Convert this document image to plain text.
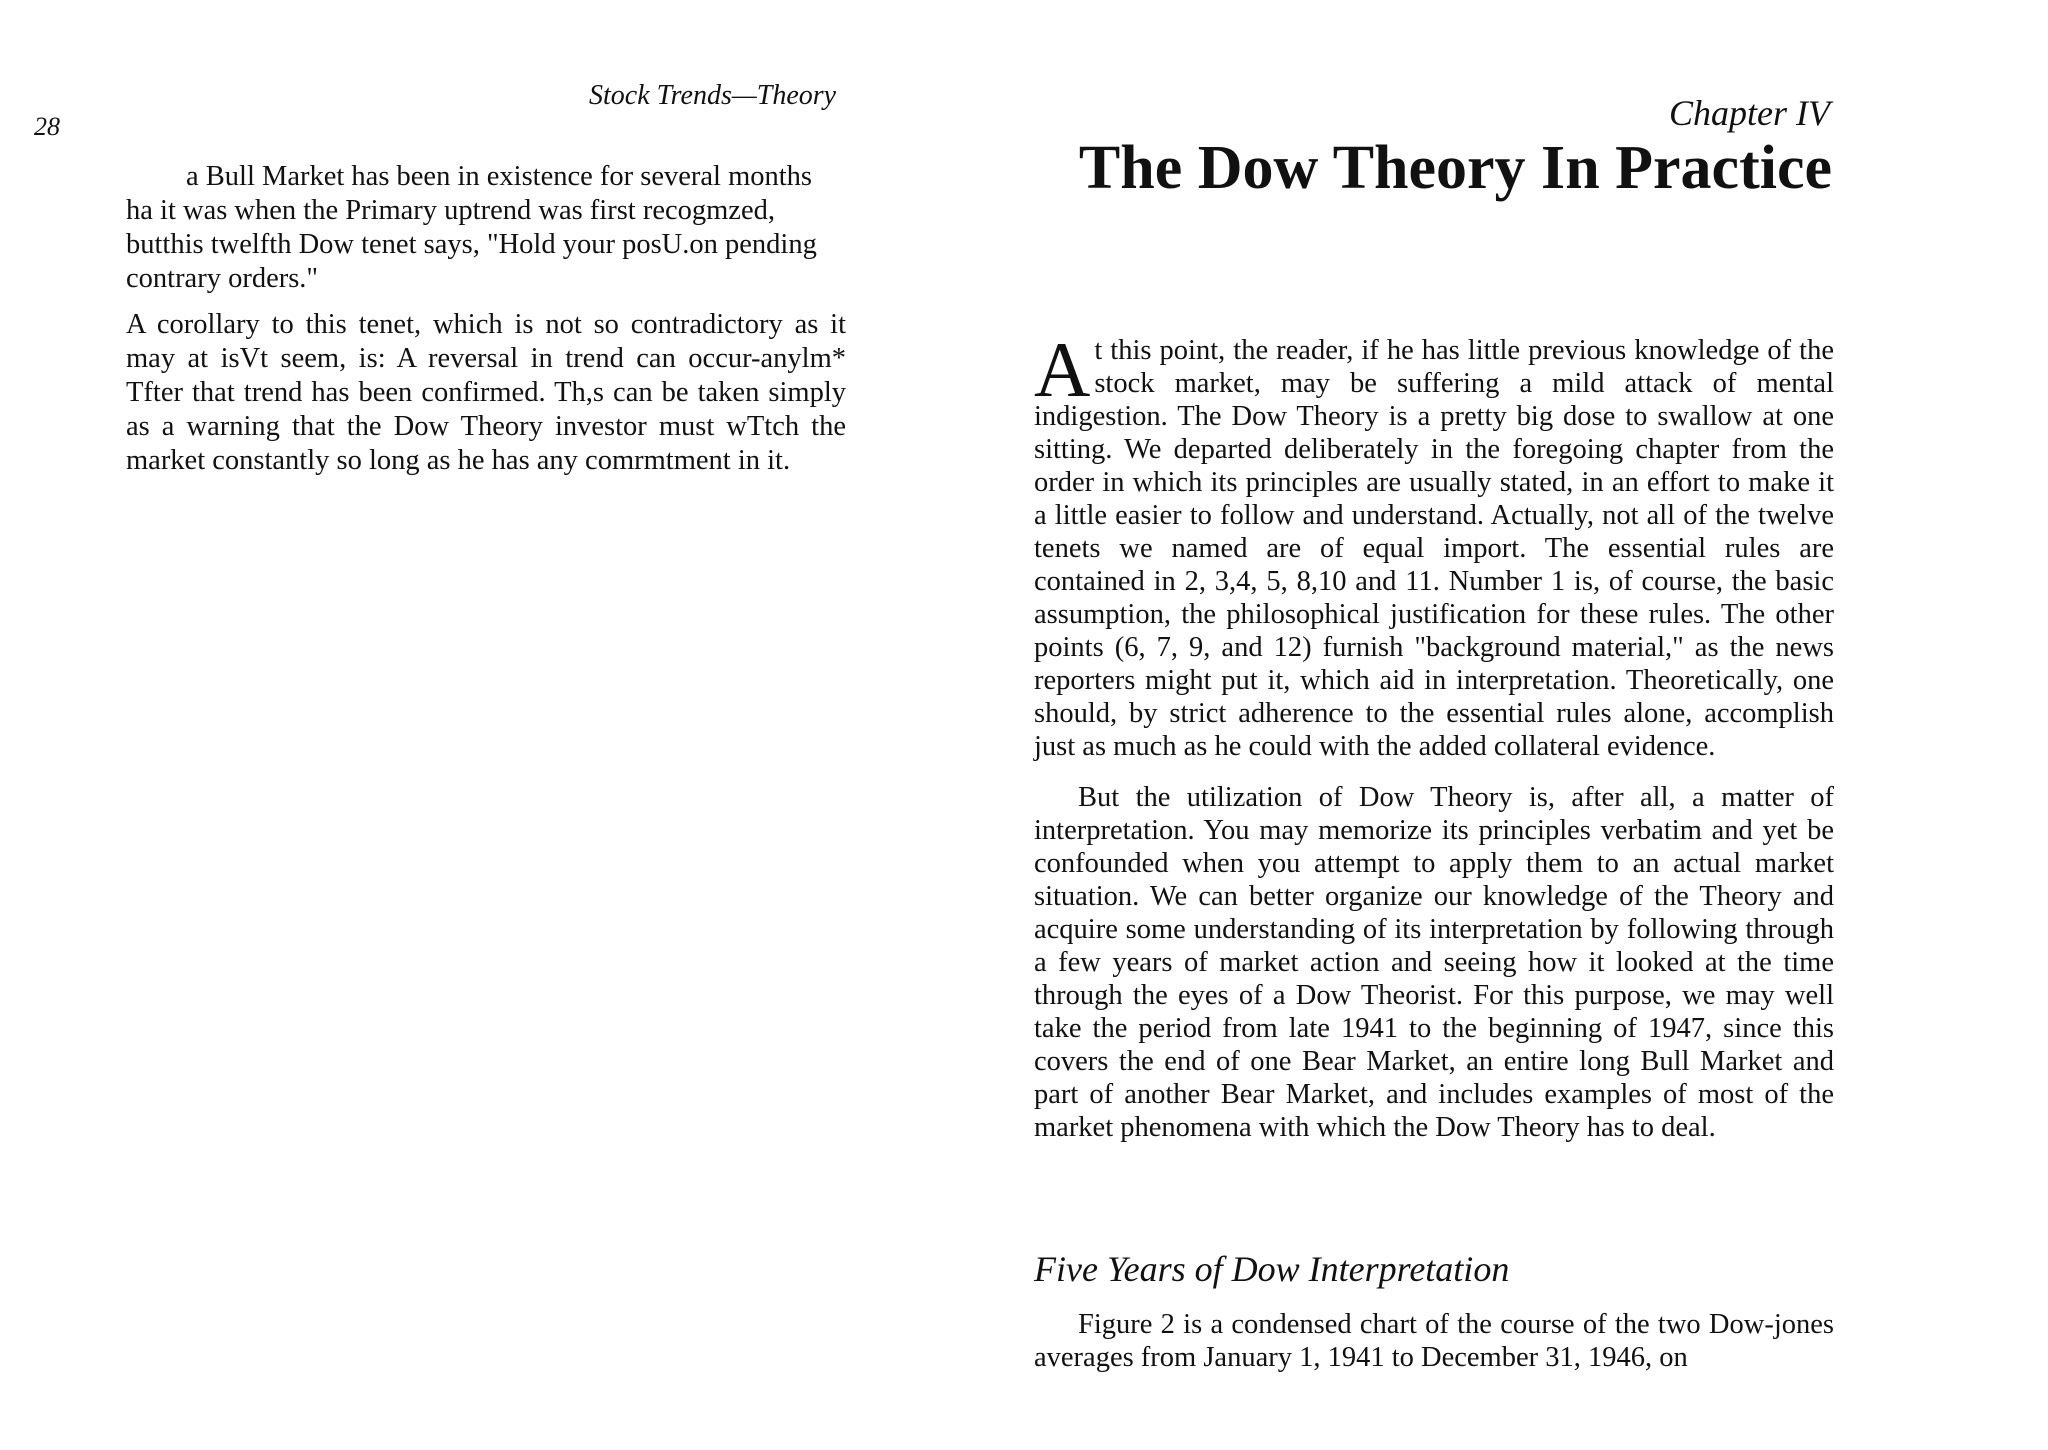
28
Stock Trends—Theory

a Bull Market has been in existence for several months ha it was when the Primary uptrend was first recogmzed, butthis twelfth Dow tenet says, "Hold your posU.on pending contrary orders."

A corollary to this tenet, which is not so contradictory as it may at isVt seem, is: A reversal in trend can occur-anylm* Tfter that trend has been confirmed. Th,s can be taken simply as a warning that the Dow Theory investor must wTtch the market constantly so long as he has any comrmtment in it.

Chapter IV
The Dow Theory In Practice

At this point, the reader, if he has little previous knowledge of the stock market, may be suffering a mild attack of mental indigestion. The Dow Theory is a pretty big dose to swallow at one sitting. We departed deliberately in the foregoing chapter from the order in which its principles are usually stated, in an effort to make it a little easier to follow and understand. Actually, not all of the twelve tenets we named are of equal import. The essential rules are contained in 2, 3,4, 5, 8,10 and 11. Number 1 is, of course, the basic assumption, the philosophical justification for these rules. The other points (6, 7, 9, and 12) furnish "background material," as the news reporters might put it, which aid in interpretation. Theoretically, one should, by strict adherence to the essential rules alone, accomplish just as much as he could with the added collateral evidence.

But the utilization of Dow Theory is, after all, a matter of interpretation. You may memorize its principles verbatim and yet be confounded when you attempt to apply them to an actual market situation. We can better organize our knowledge of the Theory and acquire some understanding of its interpretation by following through a few years of market action and seeing how it looked at the time through the eyes of a Dow Theorist. For this purpose, we may well take the period from late 1941 to the beginning of 1947, since this covers the end of one Bear Market, an entire long Bull Market and part of another Bear Market, and includes examples of most of the market phenomena with which the Dow Theory has to deal.

Five Years of Dow Interpretation

Figure 2 is a condensed chart of the course of the two Dow-jones averages from January 1, 1941 to December 31, 1946, on
